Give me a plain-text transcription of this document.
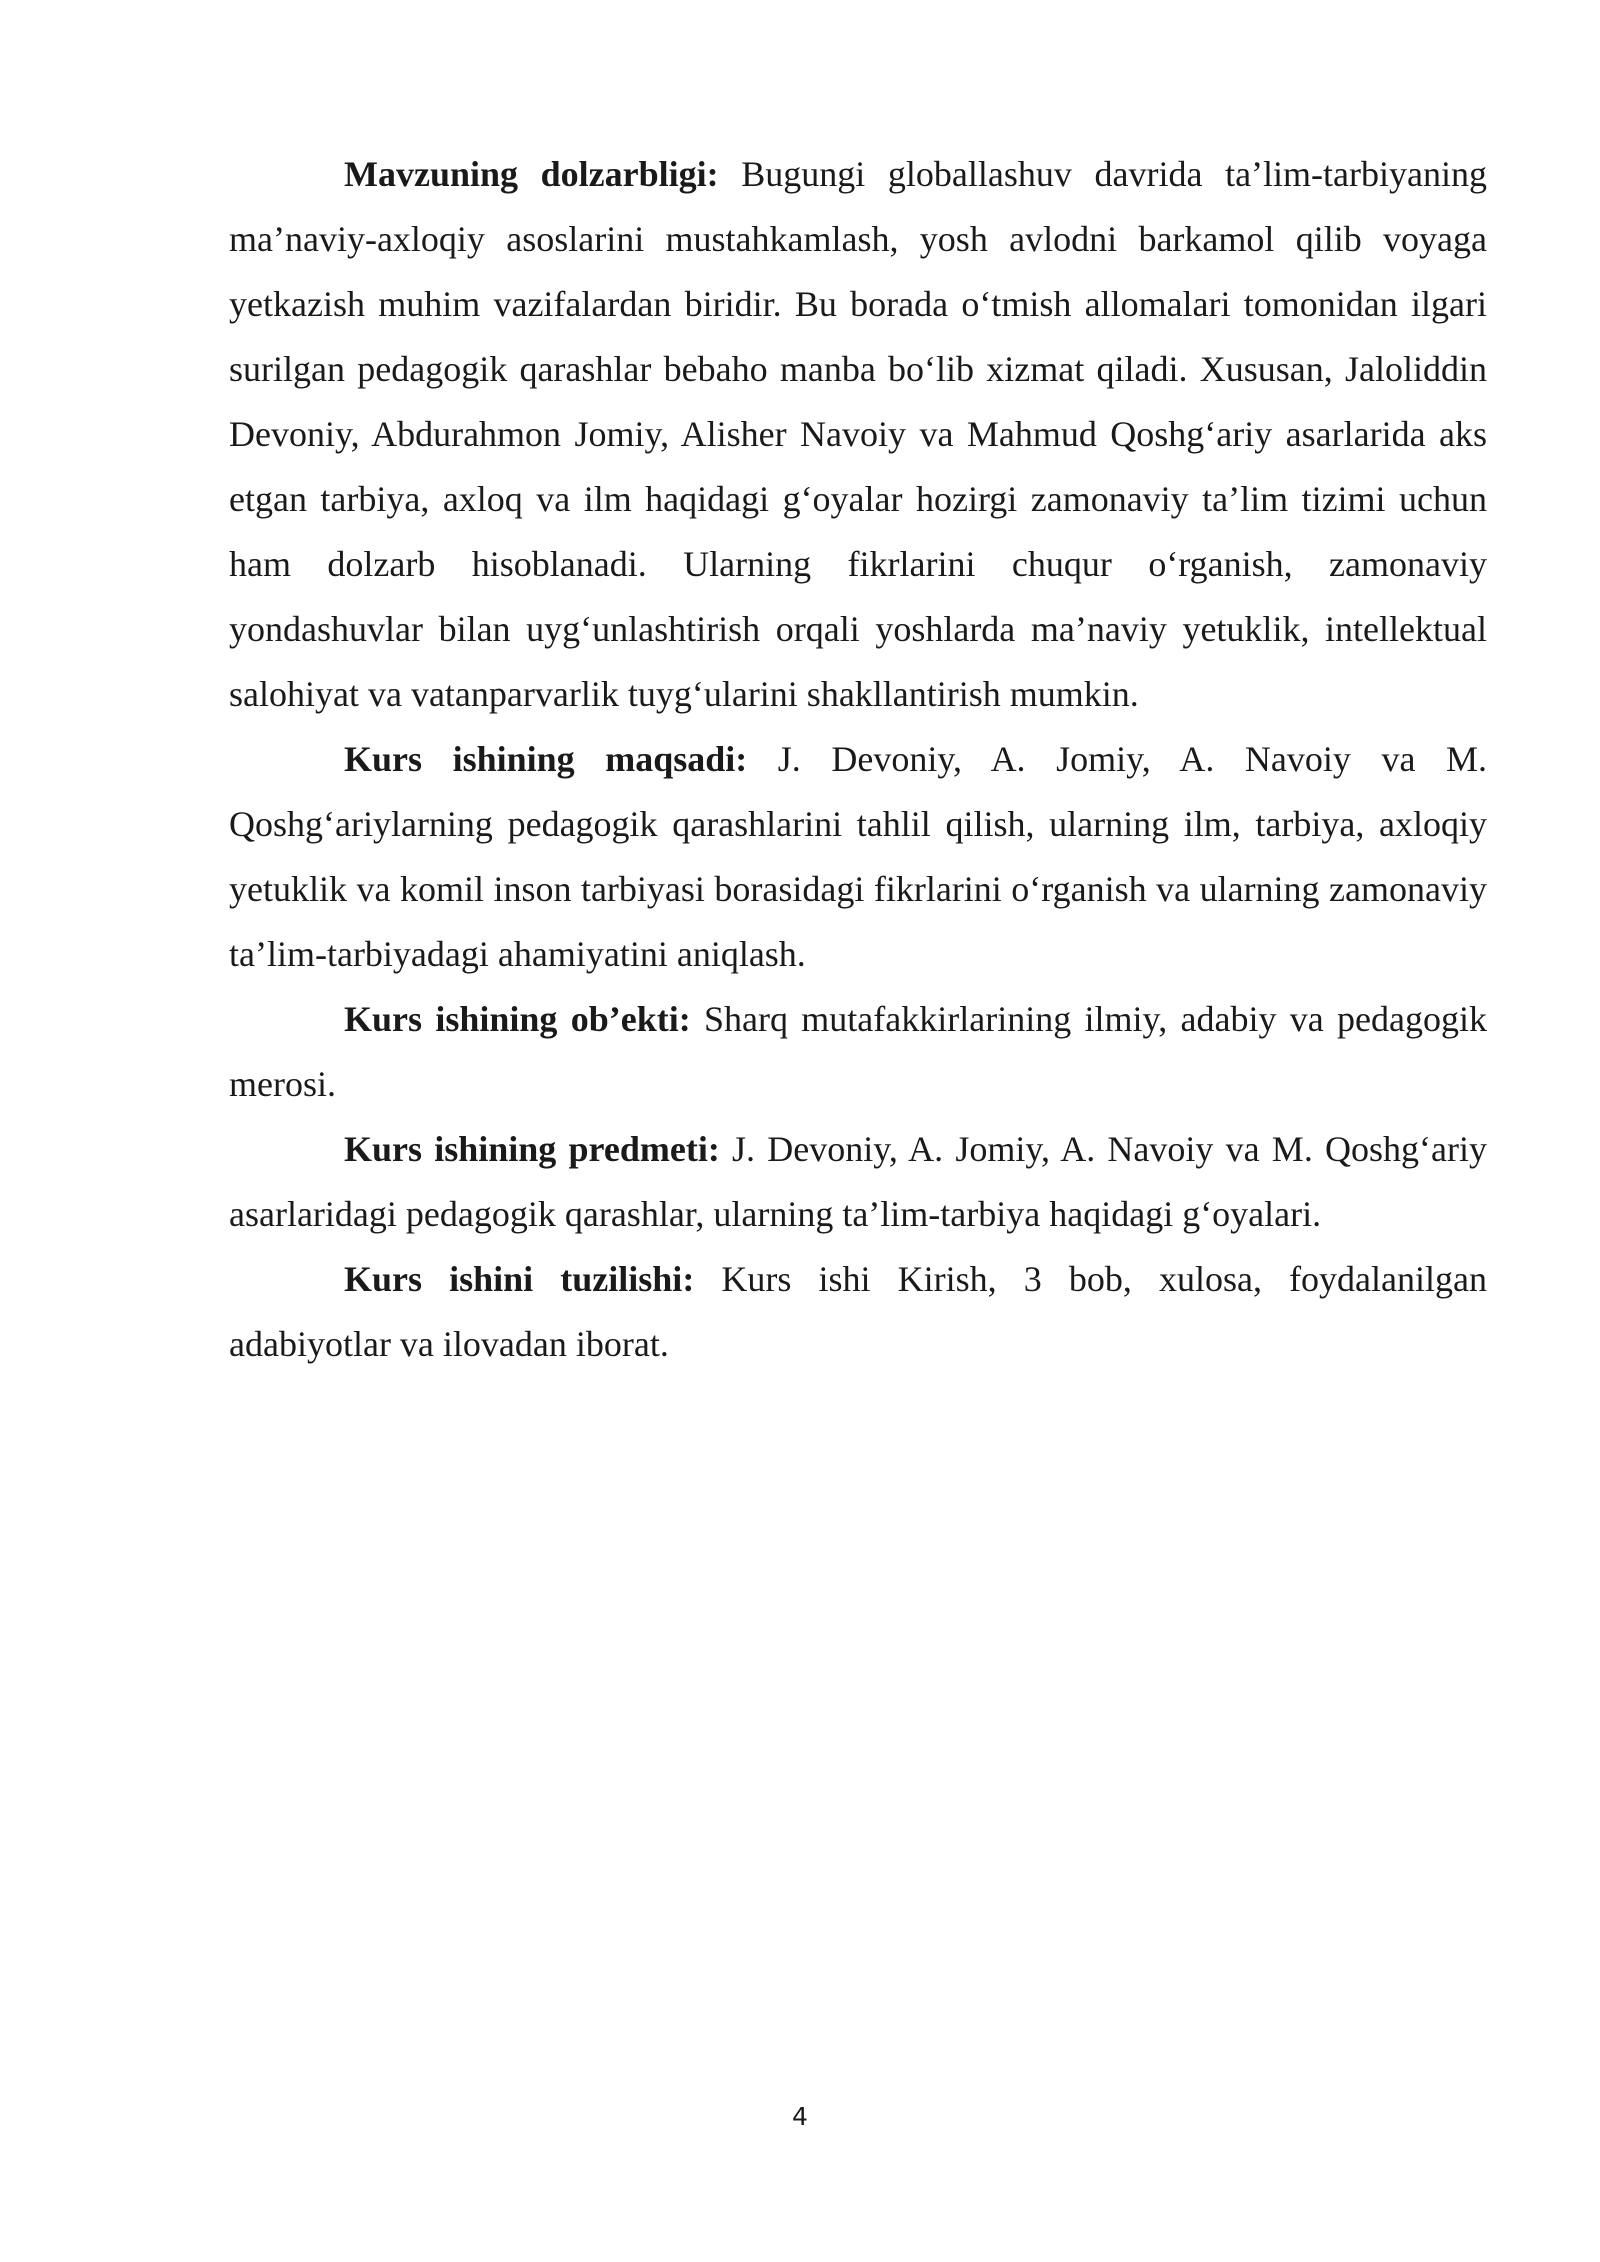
Mavzuning dolzarbligi: Bugungi globallashuv davrida ta’lim-tarbiyaning ma’naviy-axloqiy asoslarini mustahkamlash, yosh avlodni barkamol qilib voyaga yetkazish muhim vazifalardan biridir. Bu borada o‘tmish allomalari tomonidan ilgari surilgan pedagogik qarashlar bebaho manba bo‘lib xizmat qiladi. Xususan, Jaloliddin Devoniy, Abdurahmon Jomiy, Alisher Navoiy va Mahmud Qoshg‘ariy asarlarida aks etgan tarbiya, axloq va ilm haqidagi g‘oyalar hozirgi zamonaviy ta’lim tizimi uchun ham dolzarb hisoblanadi. Ularning fikrlarini chuqur o‘rganish, zamonaviy yondashuvlar bilan uyg‘unlashtirish orqali yoshlarda ma’naviy yetuklik, intellektual salohiyat va vatanparvarlik tuyg‘ularini shakllantirish mumkin.

Kurs ishining maqsadi: J. Devoniy, A. Jomiy, A. Navoiy va M. Qoshg‘ariylarning pedagogik qarashlarini tahlil qilish, ularning ilm, tarbiya, axloqiy yetuklik va komil inson tarbiyasi borasidagi fikrlarini o‘rganish va ularning zamonaviy ta’lim-tarbiyadagi ahamiyatini aniqlash.

Kurs ishining ob’ekti: Sharq mutafakkirlarining ilmiy, adabiy va pedagogik merosi.

Kurs ishining predmeti: J. Devoniy, A. Jomiy, A. Navoiy va M. Qoshg‘ariy asarlaridagi pedagogik qarashlar, ularning ta’lim-tarbiya haqidagi g‘oyalari.

Kurs ishini tuzilishi: Kurs ishi Kirish, 3 bob, xulosa, foydalanilgan adabiyotlar va ilovadan iborat.

4
